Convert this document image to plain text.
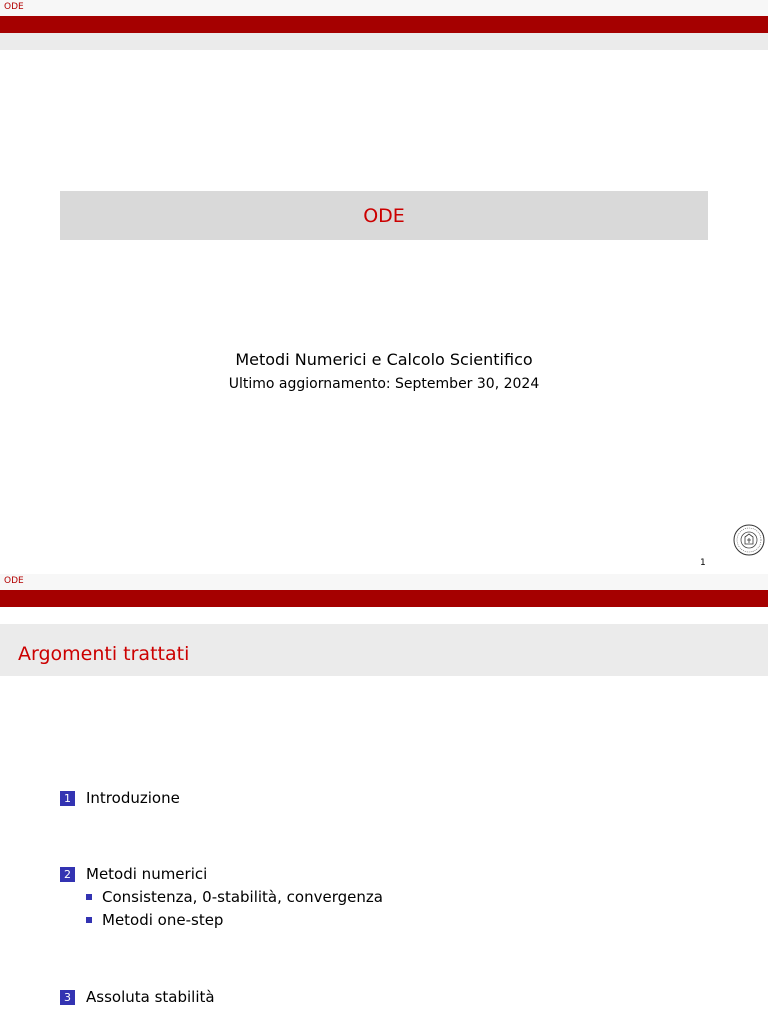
ODE
ODE
Metodi Numerici e Calcolo Scientifico
Ultimo aggiornamento: September 30, 2024
1
ODE
Argomenti trattati
1 Introduzione
2 Metodi numerici
Consistenza, 0-stabilità, convergenza
Metodi one-step
3 Assoluta stabilità
